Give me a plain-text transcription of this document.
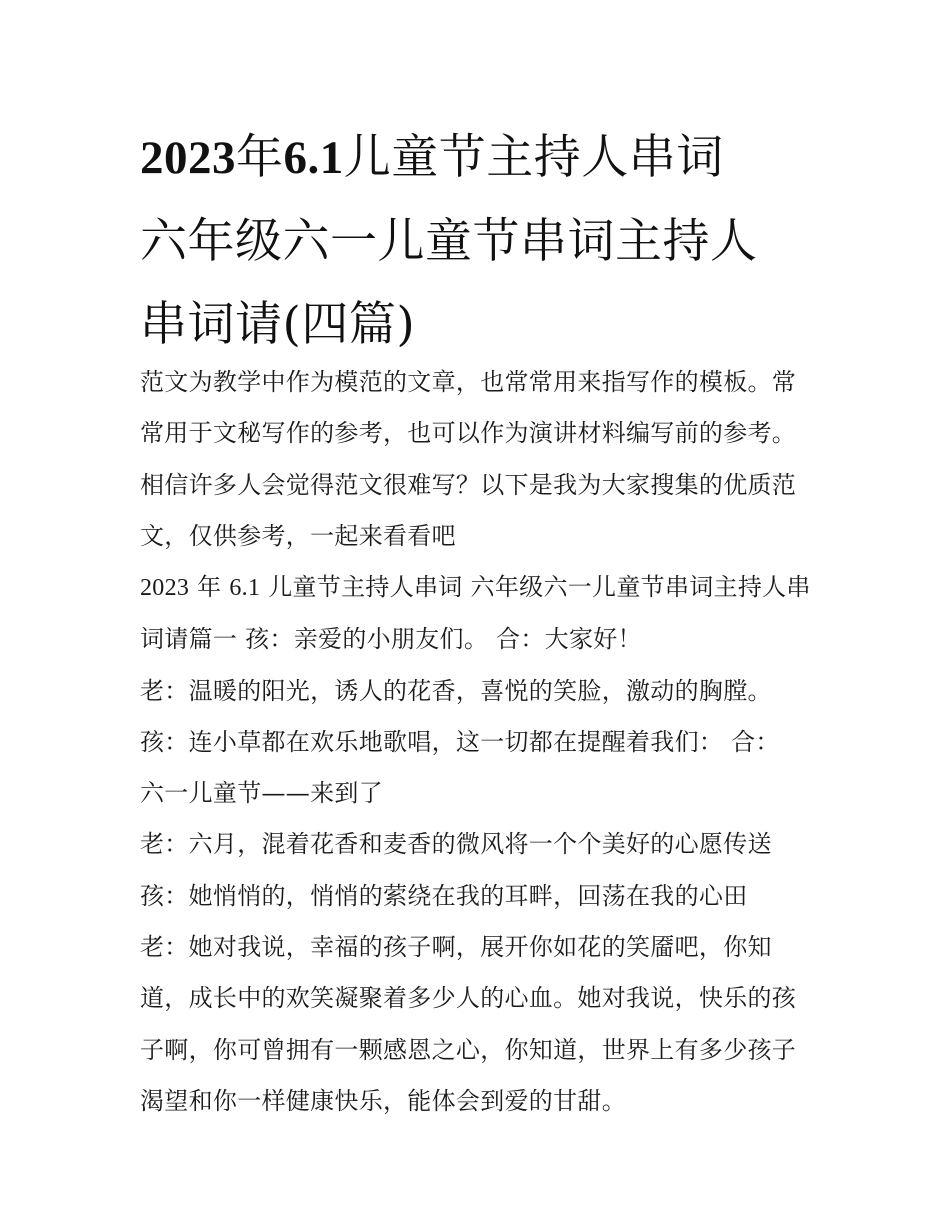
2023年6.1儿童节主持人串词
六年级六一儿童节串词主持人
串词请(四篇)
范文为教学中作为模范的文章，也常常用来指写作的模板。常
常用于文秘写作的参考，也可以作为演讲材料编写前的参考。
相信许多人会觉得范文很难写？以下是我为大家搜集的优质范
文，仅供参考，一起来看看吧
2023 年 6.1 儿童节主持人串词 六年级六一儿童节串词主持人串
词请篇一 孩：亲爱的小朋友们。 合：大家好！
老：温暖的阳光，诱人的花香，喜悦的笑脸，激动的胸膛。
孩：连小草都在欢乐地歌唱，这一切都在提醒着我们： 合：
六一儿童节——来到了
老：六月，混着花香和麦香的微风将一个个美好的心愿传送
孩：她悄悄的，悄悄的萦绕在我的耳畔，回荡在我的心田
老：她对我说，幸福的孩子啊，展开你如花的笑靥吧，你知
道，成长中的欢笑凝聚着多少人的心血。她对我说，快乐的孩
子啊，你可曾拥有一颗感恩之心，你知道，世界上有多少孩子
渴望和你一样健康快乐，能体会到爱的甘甜。
